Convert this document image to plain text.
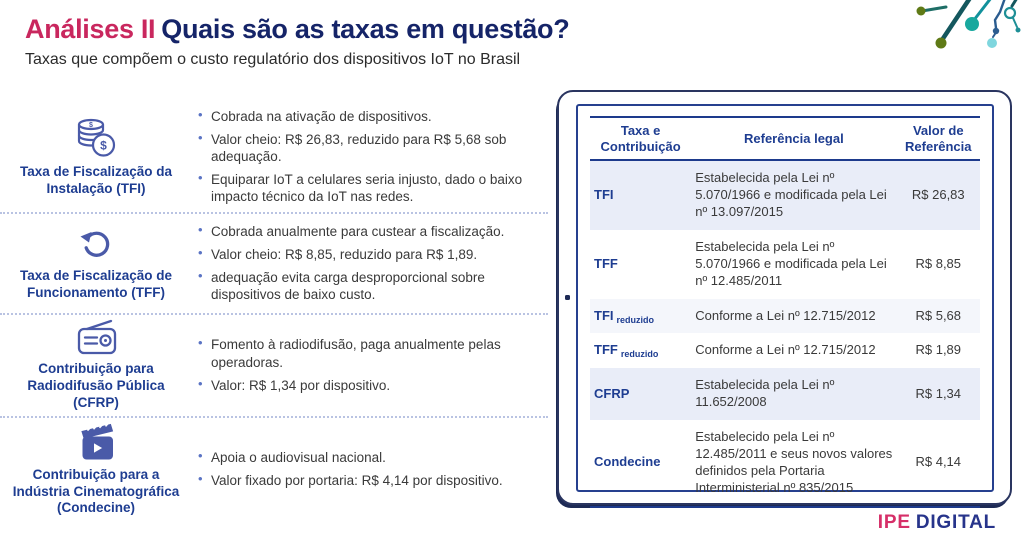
Análises II Quais são as taxas em questão?
Taxas que compõem o custo regulatório dos dispositivos IoT no Brasil
$
$
Taxa de Fiscalização da Instalação (TFI)
• Cobrada na ativação de dispositivos.
• Valor cheio: R$ 26,83, reduzido para R$ 5,68 sob adequação.
• Equiparar IoT a celulares seria injusto, dado o baixo impacto técnico da IoT nas redes.
Taxa de Fiscalização de Funcionamento (TFF)
• Cobrada anualmente para custear a fiscalização.
• Valor cheio: R$ 8,85, reduzido para R$ 1,89.
• adequação evita carga desproporcional sobre dispositivos de baixo custo.
Contribuição para Radiodifusão Pública (CFRP)
• Fomento à radiodifusão, paga anualmente pelas operadoras.
• Valor: R$ 1,34 por dispositivo.
Contribuição para a Indústria Cinematográfica (Condecine)
• Apoia o audiovisual nacional.
• Valor fixado por portaria: R$ 4,14 por dispositivo.
Taxa e Contribuição	Referência legal	Valor de Referência
TFI	Estabelecida pela Lei nº 5.070/1966 e modificada pela Lei nº 13.097/2015	R$ 26,83
TFF	Estabelecida pela Lei nº 5.070/1966 e modificada pela Lei nº 12.485/2011	R$ 8,85
TFI $_{reduzido}$	Conforme a Lei nº 12.715/2012	R$ 5,68
TFF $_{reduzido}$	Conforme a Lei nº 12.715/2012	R$ 1,89
CFRP	Estabelecida pela Lei nº 11.652/2008	R$ 1,34
Condecine	Estabelecido pela Lei nº 12.485/2011 e seus novos valores definidos pela Portaria Interministerial nº 835/2015	R$ 4,14
IPE DIGITAL
